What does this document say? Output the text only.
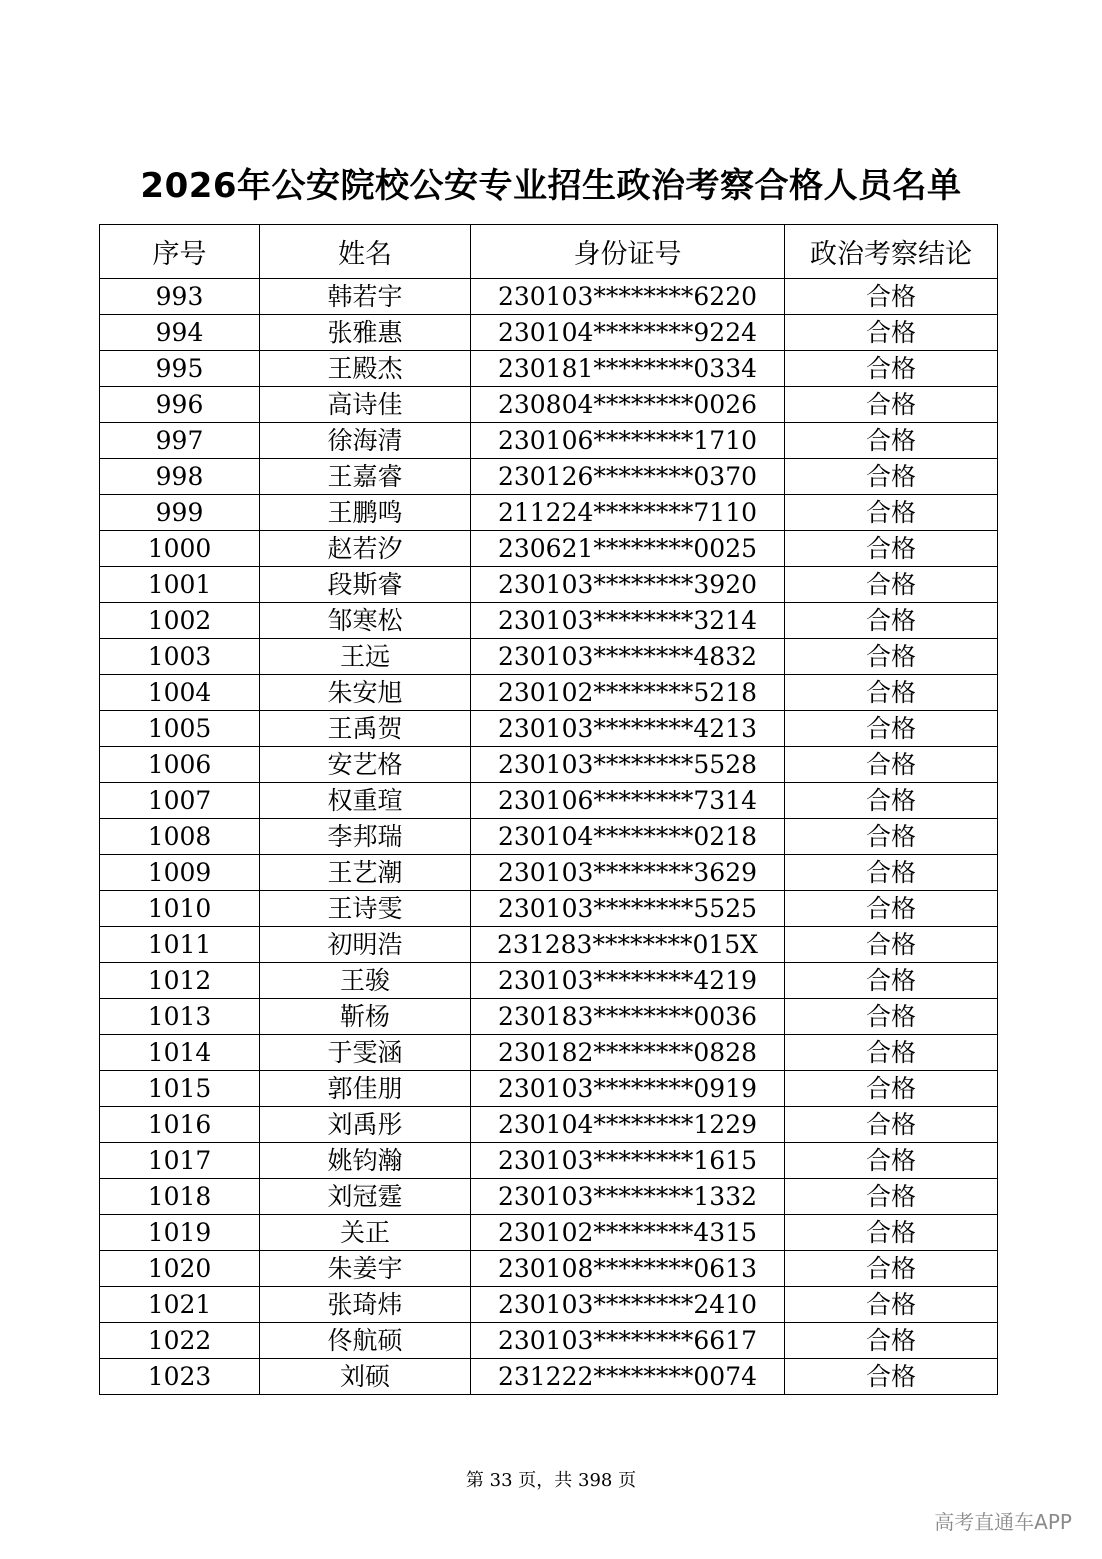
2026年公安院校公安专业招生政治考察合格人员名单
序号	姓名	身份证号	政治考察结论
993	韩若宇	230103********6220	合格
994	张雅惠	230104********9224	合格
995	王殿杰	230181********0334	合格
996	高诗佳	230804********0026	合格
997	徐海清	230106********1710	合格
998	王嘉睿	230126********0370	合格
999	王鹏鸣	211224********7110	合格
1000	赵若汐	230621********0025	合格
1001	段斯睿	230103********3920	合格
1002	邹寒松	230103********3214	合格
1003	王远	230103********4832	合格
1004	朱安旭	230102********5218	合格
1005	王禹贺	230103********4213	合格
1006	安艺格	230103********5528	合格
1007	权重瑄	230106********7314	合格
1008	李邦瑞	230104********0218	合格
1009	王艺潮	230103********3629	合格
1010	王诗雯	230103********5525	合格
1011	初明浩	231283********015X	合格
1012	王骏	230103********4219	合格
1013	靳杨	230183********0036	合格
1014	于雯涵	230182********0828	合格
1015	郭佳朋	230103********0919	合格
1016	刘禹彤	230104********1229	合格
1017	姚钧瀚	230103********1615	合格
1018	刘冠霆	230103********1332	合格
1019	关正	230102********4315	合格
1020	朱姜宇	230108********0613	合格
1021	张琦炜	230103********2410	合格
1022	佟航硕	230103********6617	合格
1023	刘硕	231222********0074	合格
第 33 页，共 398 页
高考直通车APP
